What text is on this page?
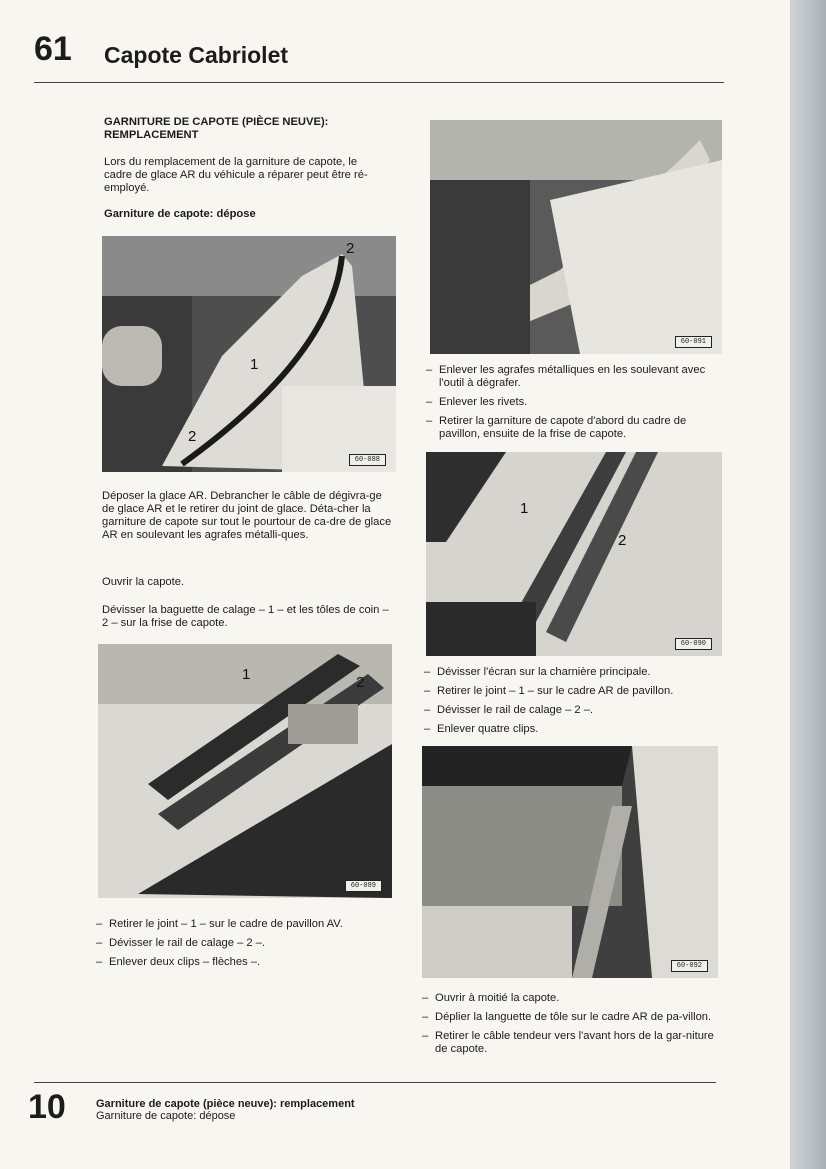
61 Capote Cabriolet
GARNITURE DE CAPOTE (PIÈCE NEUVE): REMPLACEMENT
Lors du remplacement de la garniture de capote, le cadre de glace AR du véhicule a réparer peut être ré-employé.
Garniture de capote: dépose
1
2
2
60-088
Déposer la glace AR. Debrancher le câble de dégivra-ge de glace AR et le retirer du joint de glace. Déta-cher la garniture de capote sur tout le pourtour de ca-dre de glace AR en soulevant les agrafes métalli-ques.
Ouvrir la capote.
Dévisser la baguette de calage – 1 – et les tôles de coin – 2 – sur la frise de capote.
1	2
60-089
– Retirer le joint – 1 – sur le cadre de pavillon AV.
– Dévisser le rail de calage – 2 –.
– Enlever deux clips – flèches –.
60-091
– Enlever les agrafes métalliques en les soulevant avec l'outil à dégrafer.
– Enlever les rivets.
– Retirer la garniture de capote d'abord du cadre de pavillon, ensuite de la frise de capote.
1
2
60-090
– Dévisser l'écran sur la charnière principale.
– Retirer le joint – 1 – sur le cadre AR de pavillon.
– Dévisser le rail de calage – 2 –.
– Enlever quatre clips.
60-092
– Ouvrir à moitié la capote.
– Déplier la languette de tôle sur le cadre AR de pa-villon.
– Retirer le câble tendeur vers l'avant hors de la gar-niture de capote.
10	Garniture de capote (pièce neuve): remplacement
Garniture de capote: dépose
